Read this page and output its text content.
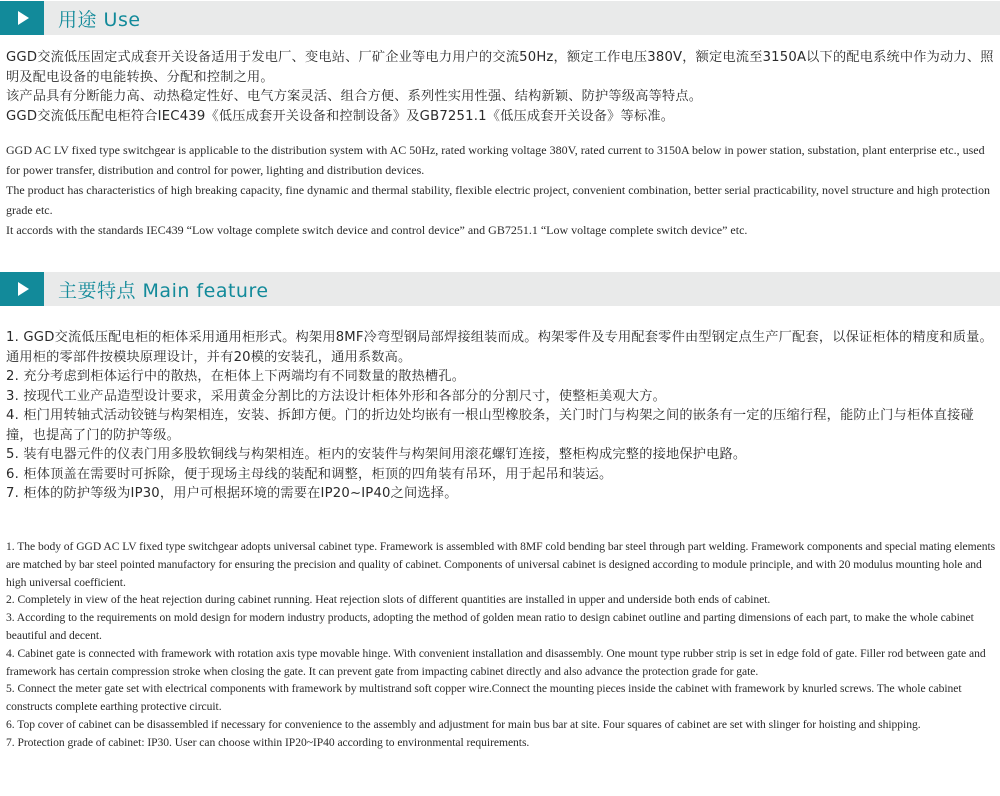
用途 Use

GGD交流低压固定式成套开关设备适用于发电厂、变电站、厂矿企业等电力用户的交流50Hz，额定工作电压380V，额定电流至3150A以下的配电系统中作为动力、照明及配电设备的电能转换、分配和控制之用。

该产品具有分断能力高、动热稳定性好、电气方案灵活、组合方便、系列性实用性强、结构新颖、防护等级高等特点。

GGD交流低压配电柜符合IEC439《低压成套开关设备和控制设备》及GB7251.1《低压成套开关设备》等标准。

GGD AC LV fixed type switchgear is applicable to the distribution system with AC 50Hz, rated working voltage 380V, rated current to 3150A below in power station, substation, plant enterprise etc., used for power transfer, distribution and control for power, lighting and distribution devices.

The product has characteristics of high breaking capacity, fine dynamic and thermal stability, flexible electric project, convenient combination, better serial practicability, novel structure and high protection grade etc.

It accords with the standards IEC439 “Low voltage complete switch device and control device” and GB7251.1 “Low voltage complete switch device” etc.

主要特点 Main feature

1. GGD交流低压配电柜的柜体采用通用柜形式。构架用8MF冷弯型钢局部焊接组装而成。构架零件及专用配套零件由型钢定点生产厂配套，以保证柜体的精度和质量。通用柜的零部件按模块原理设计，并有20模的安装孔，通用系数高。

2. 充分考虑到柜体运行中的散热，在柜体上下两端均有不同数量的散热槽孔。

3. 按现代工业产品造型设计要求，采用黄金分割比的方法设计柜体外形和各部分的分割尺寸，使整柜美观大方。

4. 柜门用转轴式活动铰链与构架相连，安装、拆卸方便。门的折边处均嵌有一根山型橡胶条，关门时门与构架之间的嵌条有一定的压缩行程，能防止门与柜体直接碰撞，也提高了门的防护等级。

5. 装有电器元件的仪表门用多股软铜线与构架相连。柜内的安装件与构架间用滚花螺钉连接，整柜构成完整的接地保护电路。

6. 柜体顶盖在需要时可拆除，便于现场主母线的装配和调整，柜顶的四角装有吊环，用于起吊和装运。

7. 柜体的防护等级为IP30，用户可根据环境的需要在IP20~IP40之间选择。

1. The body of GGD AC LV fixed type switchgear adopts universal cabinet type. Framework is assembled with 8MF cold bending bar steel through part welding. Framework components and special mating elements are matched by bar steel pointed manufactory for ensuring the precision and quality of cabinet. Components of universal cabinet is designed according to module principle, and with 20 modulus mounting hole and high universal coefficient.

2. Completely in view of the heat rejection during cabinet running. Heat rejection slots of different quantities are installed in upper and underside both ends of cabinet.

3. According to the requirements on mold design for modern industry products, adopting the method of golden mean ratio to design cabinet outline and parting dimensions of each part, to make the whole cabinet beautiful and decent.

4. Cabinet gate is connected with framework with rotation axis type movable hinge. With convenient installation and disassembly. One mount type rubber strip is set in edge fold of gate. Filler rod between gate and framework has certain compression stroke when closing the gate. It can prevent gate from impacting cabinet directly and also advance the protection grade for gate.

5. Connect the meter gate set with electrical components with framework by multistrand soft copper wire.Connect the mounting pieces inside the cabinet with framework by knurled screws. The whole cabinet constructs complete earthing protective circuit.

6. Top cover of cabinet can be disassembled if necessary for convenience to the assembly and adjustment for main bus bar at site. Four squares of cabinet are set with slinger for hoisting and shipping.

7. Protection grade of cabinet: IP30. User can choose within IP20~IP40 according to environmental requirements.
